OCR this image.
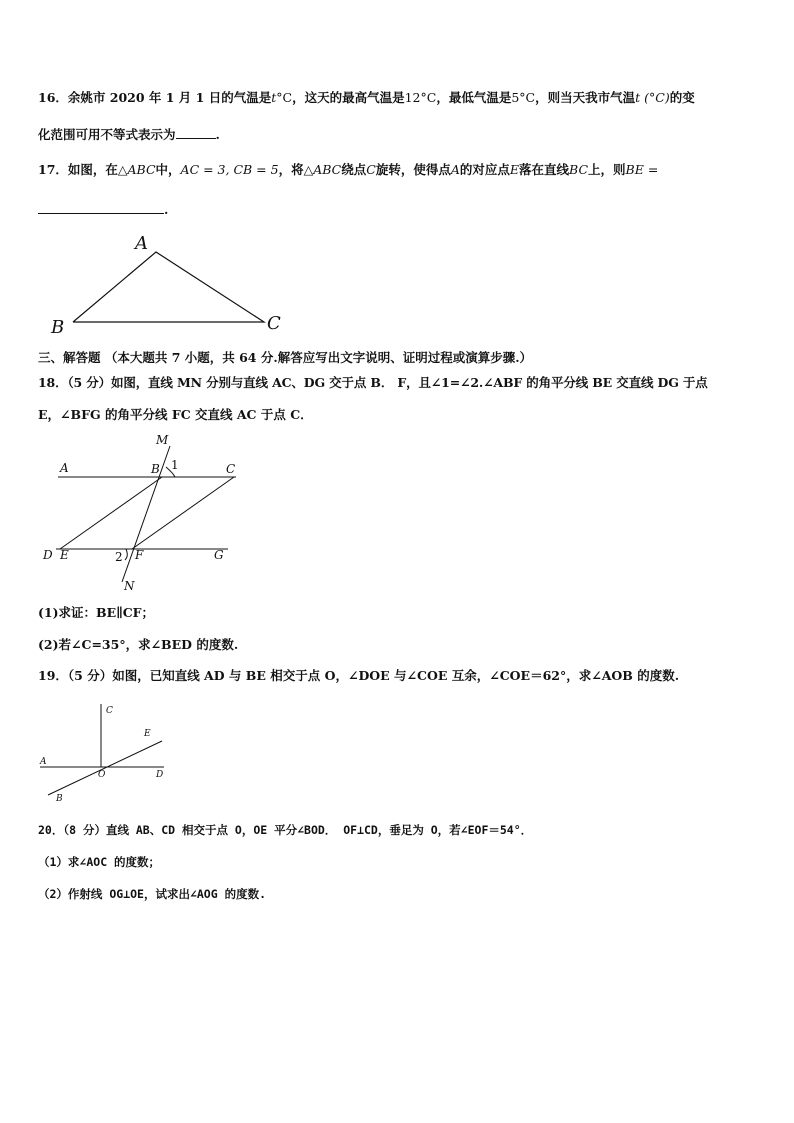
16．余姚市 2020 年 1 月 1 日的气温是t°C，这天的最高气温是12°C，最低气温是5°C，则当天我市气温t (°C)的变
化范围可用不等式表示为	.
17．如图，在△ABC中，AC = 3, CB = 5，将△ABC绕点C旋转，使得点A的对应点E落在直线BC上，则BE =
.
A
B	C
三、解答题 （本大题共 7 小题，共 64 分.解答应写出文字说明、证明过程或演算步骤.）
18．（5 分）如图，直线 MN 分别与直线 AC、DG 交于点 B． F，且∠1=∠2.∠ABF 的角平分线 BE 交直线 DG 于点
E，∠BFG 的角平分线 FC 交直线 AC 于点 C．
M
A	B 1	C
D E	2 F	G
N
(1)求证：BE∥CF；
(2)若∠C=35°，求∠BED 的度数.
19．（5 分）如图，已知直线 AD 与 BE 相交于点 O，∠DOE 与∠COE 互余，∠COE＝62°，求∠AOB 的度数.
C
E
A
O	D
B
20．（8 分）直线 AB、CD 相交于点 O，OE 平分∠BOD． OF⊥CD，垂足为 O，若∠EOF＝54°．
（1）求∠AOC 的度数；
（2）作射线 OG⊥OE，试求出∠AOG 的度数.
